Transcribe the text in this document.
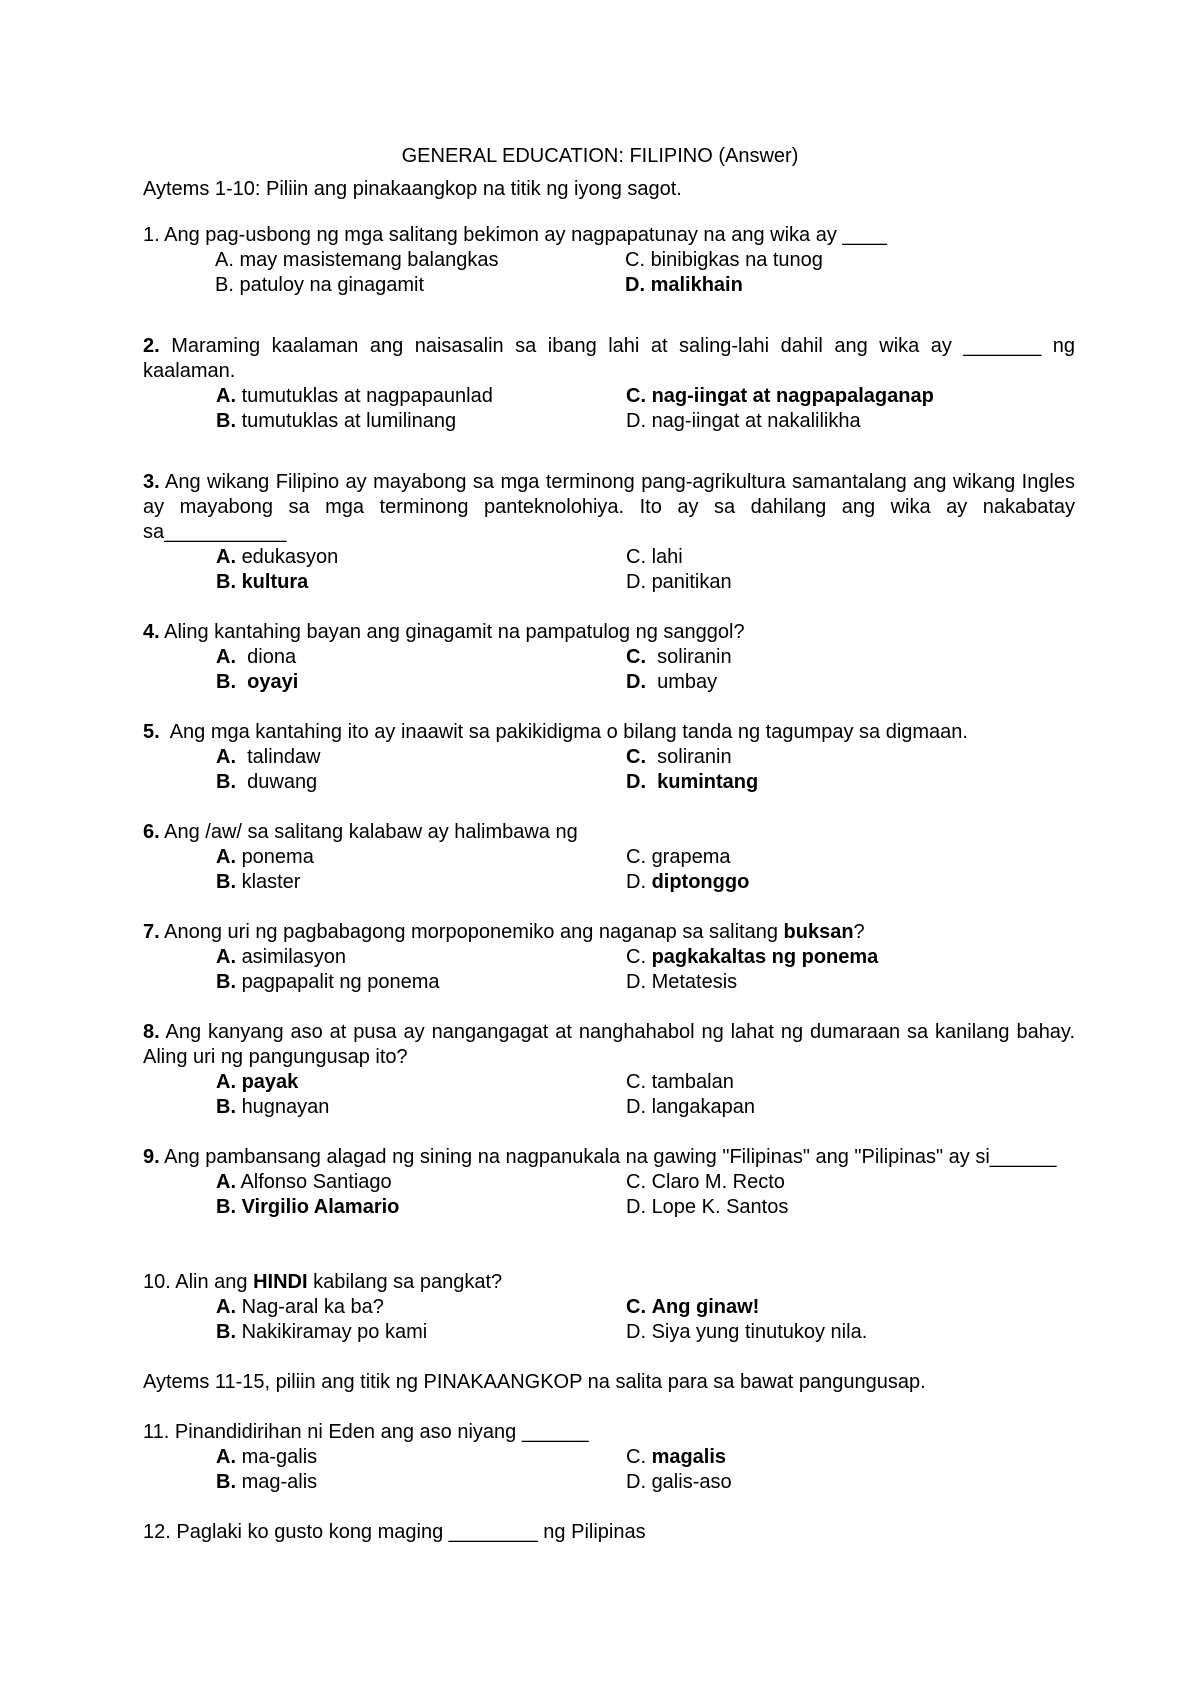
GENERAL EDUCATION: FILIPINO (Answer)
Aytems 1-10: Piliin ang pinakaangkop na titik ng iyong sagot.
1. Ang pag-usbong ng mga salitang bekimon ay nagpapatunay na ang wika ay ____
A. may masistemang balangkas	C. binibigkas na tunog
B. patuloy na ginagamit	D. malikhain
2. Maraming kaalaman ang naisasalin sa ibang lahi at saling-lahi dahil ang wika ay _______ ng kaalaman.
A. tumutuklas at nagpapaunlad	C. nag-iingat at nagpapalaganap
B. tumutuklas at lumilinang	D. nag-iingat at nakalilikha
3. Ang wikang Filipino ay mayabong sa mga terminong pang-agrikultura samantalang ang wikang Ingles ay mayabong sa mga terminong panteknolohiya. Ito ay sa dahilang ang wika ay nakabatay sa___________
A. edukasyon	C. lahi
B. kultura	D. panitikan
4. Aling kantahing bayan ang ginagamit na pampatulog ng sanggol?
A. diona	C. soliranin
B. oyayi	D. umbay
5. Ang mga kantahing ito ay inaawit sa pakikidigma o bilang tanda ng tagumpay sa digmaan.
A. talindaw	C. soliranin
B. duwang	D. kumintang
6. Ang /aw/ sa salitang kalabaw ay halimbawa ng
A. ponema	C. grapema
B. klaster	D. diptonggo
7. Anong uri ng pagbabagong morpoponemiko ang naganap sa salitang buksan?
A. asimilasyon	C. pagkakaltas ng ponema
B. pagpapalit ng ponema	D. Metatesis
8. Ang kanyang aso at pusa ay nangangagat at nanghahabol ng lahat ng dumaraan sa kanilang bahay. Aling uri ng pangungusap ito?
A. payak	C. tambalan
B. hugnayan	D. langakapan
9. Ang pambansang alagad ng sining na nagpanukala na gawing "Filipinas" ang "Pilipinas" ay si______
A. Alfonso Santiago	C. Claro M. Recto
B. Virgilio Alamario	D. Lope K. Santos
10. Alin ang HINDI kabilang sa pangkat?
A. Nag-aral ka ba?	C. Ang ginaw!
B. Nakikiramay po kami	D. Siya yung tinutukoy nila.
Aytems 11-15, piliin ang titik ng PINAKAANGKOP na salita para sa bawat pangungusap.
11. Pinandidirihan ni Eden ang aso niyang ______
A. ma-galis	C. magalis
B. mag-alis	D. galis-aso
12. Paglaki ko gusto kong maging ________ ng Pilipinas
